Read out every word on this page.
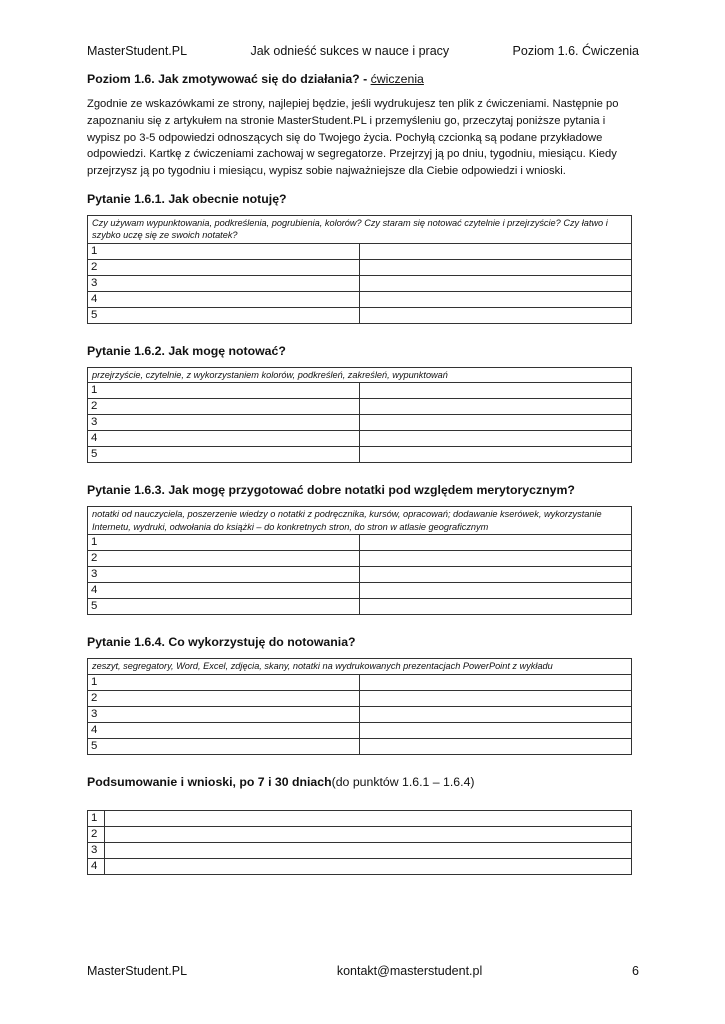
MasterStudent.PL	Jak odnieść sukces w nauce i pracy	Poziom 1.6. Ćwiczenia

Poziom 1.6. Jak zmotywować się do działania? - ćwiczenia

Zgodnie ze wskazówkami ze strony, najlepiej będzie, jeśli wydrukujesz ten plik z ćwiczeniami. Następnie po zapoznaniu się z artykułem na stronie MasterStudent.PL i przemyśleniu go, przeczytaj poniższe pytania i wypisz po 3-5 odpowiedzi odnoszących się do Twojego życia. Pochyłą czcionką są podane przykładowe odpowiedzi. Kartkę z ćwiczeniami zachowaj w segregatorze. Przejrzyj ją po dniu, tygodniu, miesiącu. Kiedy przejrzysz ją po tygodniu i miesiącu, wypisz sobie najważniejsze dla Ciebie odpowiedzi i wnioski.

Pytanie 1.6.1. Jak obecnie notuję?

Czy używam wypunktowania, podkreślenia, pogrubienia, kolorów? Czy staram się notować czytelnie i przejrzyście? Czy łatwo i szybko uczę się ze swoich notatek?	
1	
2	
3	
4	
5	

Pytanie 1.6.2. Jak mogę notować?

przejrzyście, czytelnie, z wykorzystaniem kolorów, podkreśleń, zakreśleń, wypunktowań	
1	
2	
3	
4	
5	

Pytanie 1.6.3. Jak mogę przygotować dobre notatki pod względem merytorycznym?

notatki od nauczyciela, poszerzenie wiedzy o notatki z podręcznika, kursów, opracowań; dodawanie kserówek, wykorzystanie Internetu, wydruki, odwołania do książki – do konkretnych stron, do stron w atlasie geograficznym	
1	
2	
3	
4	
5	

Pytanie 1.6.4. Co wykorzystuję do notowania?

zeszyt, segregatory, Word, Excel, zdjęcia, skany, notatki na wydrukowanych prezentacjach PowerPoint z wykładu	
1	
2	
3	
4	
5	

Podsumowanie i wnioski, po 7 i 30 dniach(do punktów 1.6.1 – 1.6.4)

1	
2	
3	
4	
MasterStudent.PL	kontakt@masterstudent.pl	6
